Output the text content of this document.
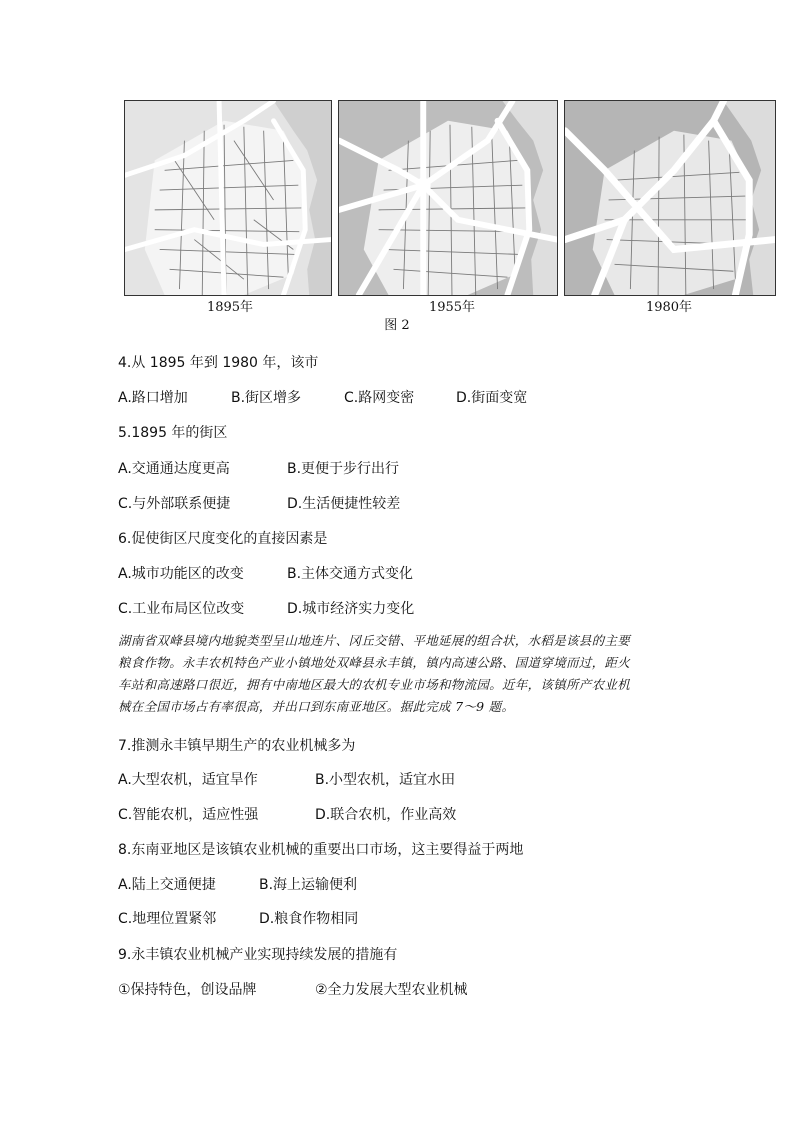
1895年	1955年	1980年
图 2
4.从 1895 年到 1980 年，该市
A.路口增加	B.街区增多	C.路网变密	D.街面变宽
5.1895 年的街区
A.交通通达度更高	B.更便于步行出行
C.与外部联系便捷	D.生活便捷性较差
6.促使街区尺度变化的直接因素是
A.城市功能区的改变	B.主体交通方式变化
C.工业布局区位改变	D.城市经济实力变化

湖南省双峰县境内地貌类型呈山地连片、冈丘交错、平地延展的组合状，水稻是该县的主要

粮食作物。永丰农机特色产业小镇地处双峰县永丰镇，镇内高速公路、国道穿境而过，距火

车站和高速路口很近，拥有中南地区最大的农机专业市场和物流园。近年，该镇所产农业机

械在全国市场占有率很高，并出口到东南亚地区。据此完成 7～9 题。

7.推测永丰镇早期生产的农业机械多为
A.大型农机，适宜旱作	B.小型农机，适宜水田
C.智能农机，适应性强	D.联合农机，作业高效
8.东南亚地区是该镇农业机械的重要出口市场，这主要得益于两地
A.陆上交通便捷	B.海上运输便利
C.地理位置紧邻	D.粮食作物相同
9.永丰镇农业机械产业实现持续发展的措施有
①保持特色，创设品牌	②全力发展大型农业机械
